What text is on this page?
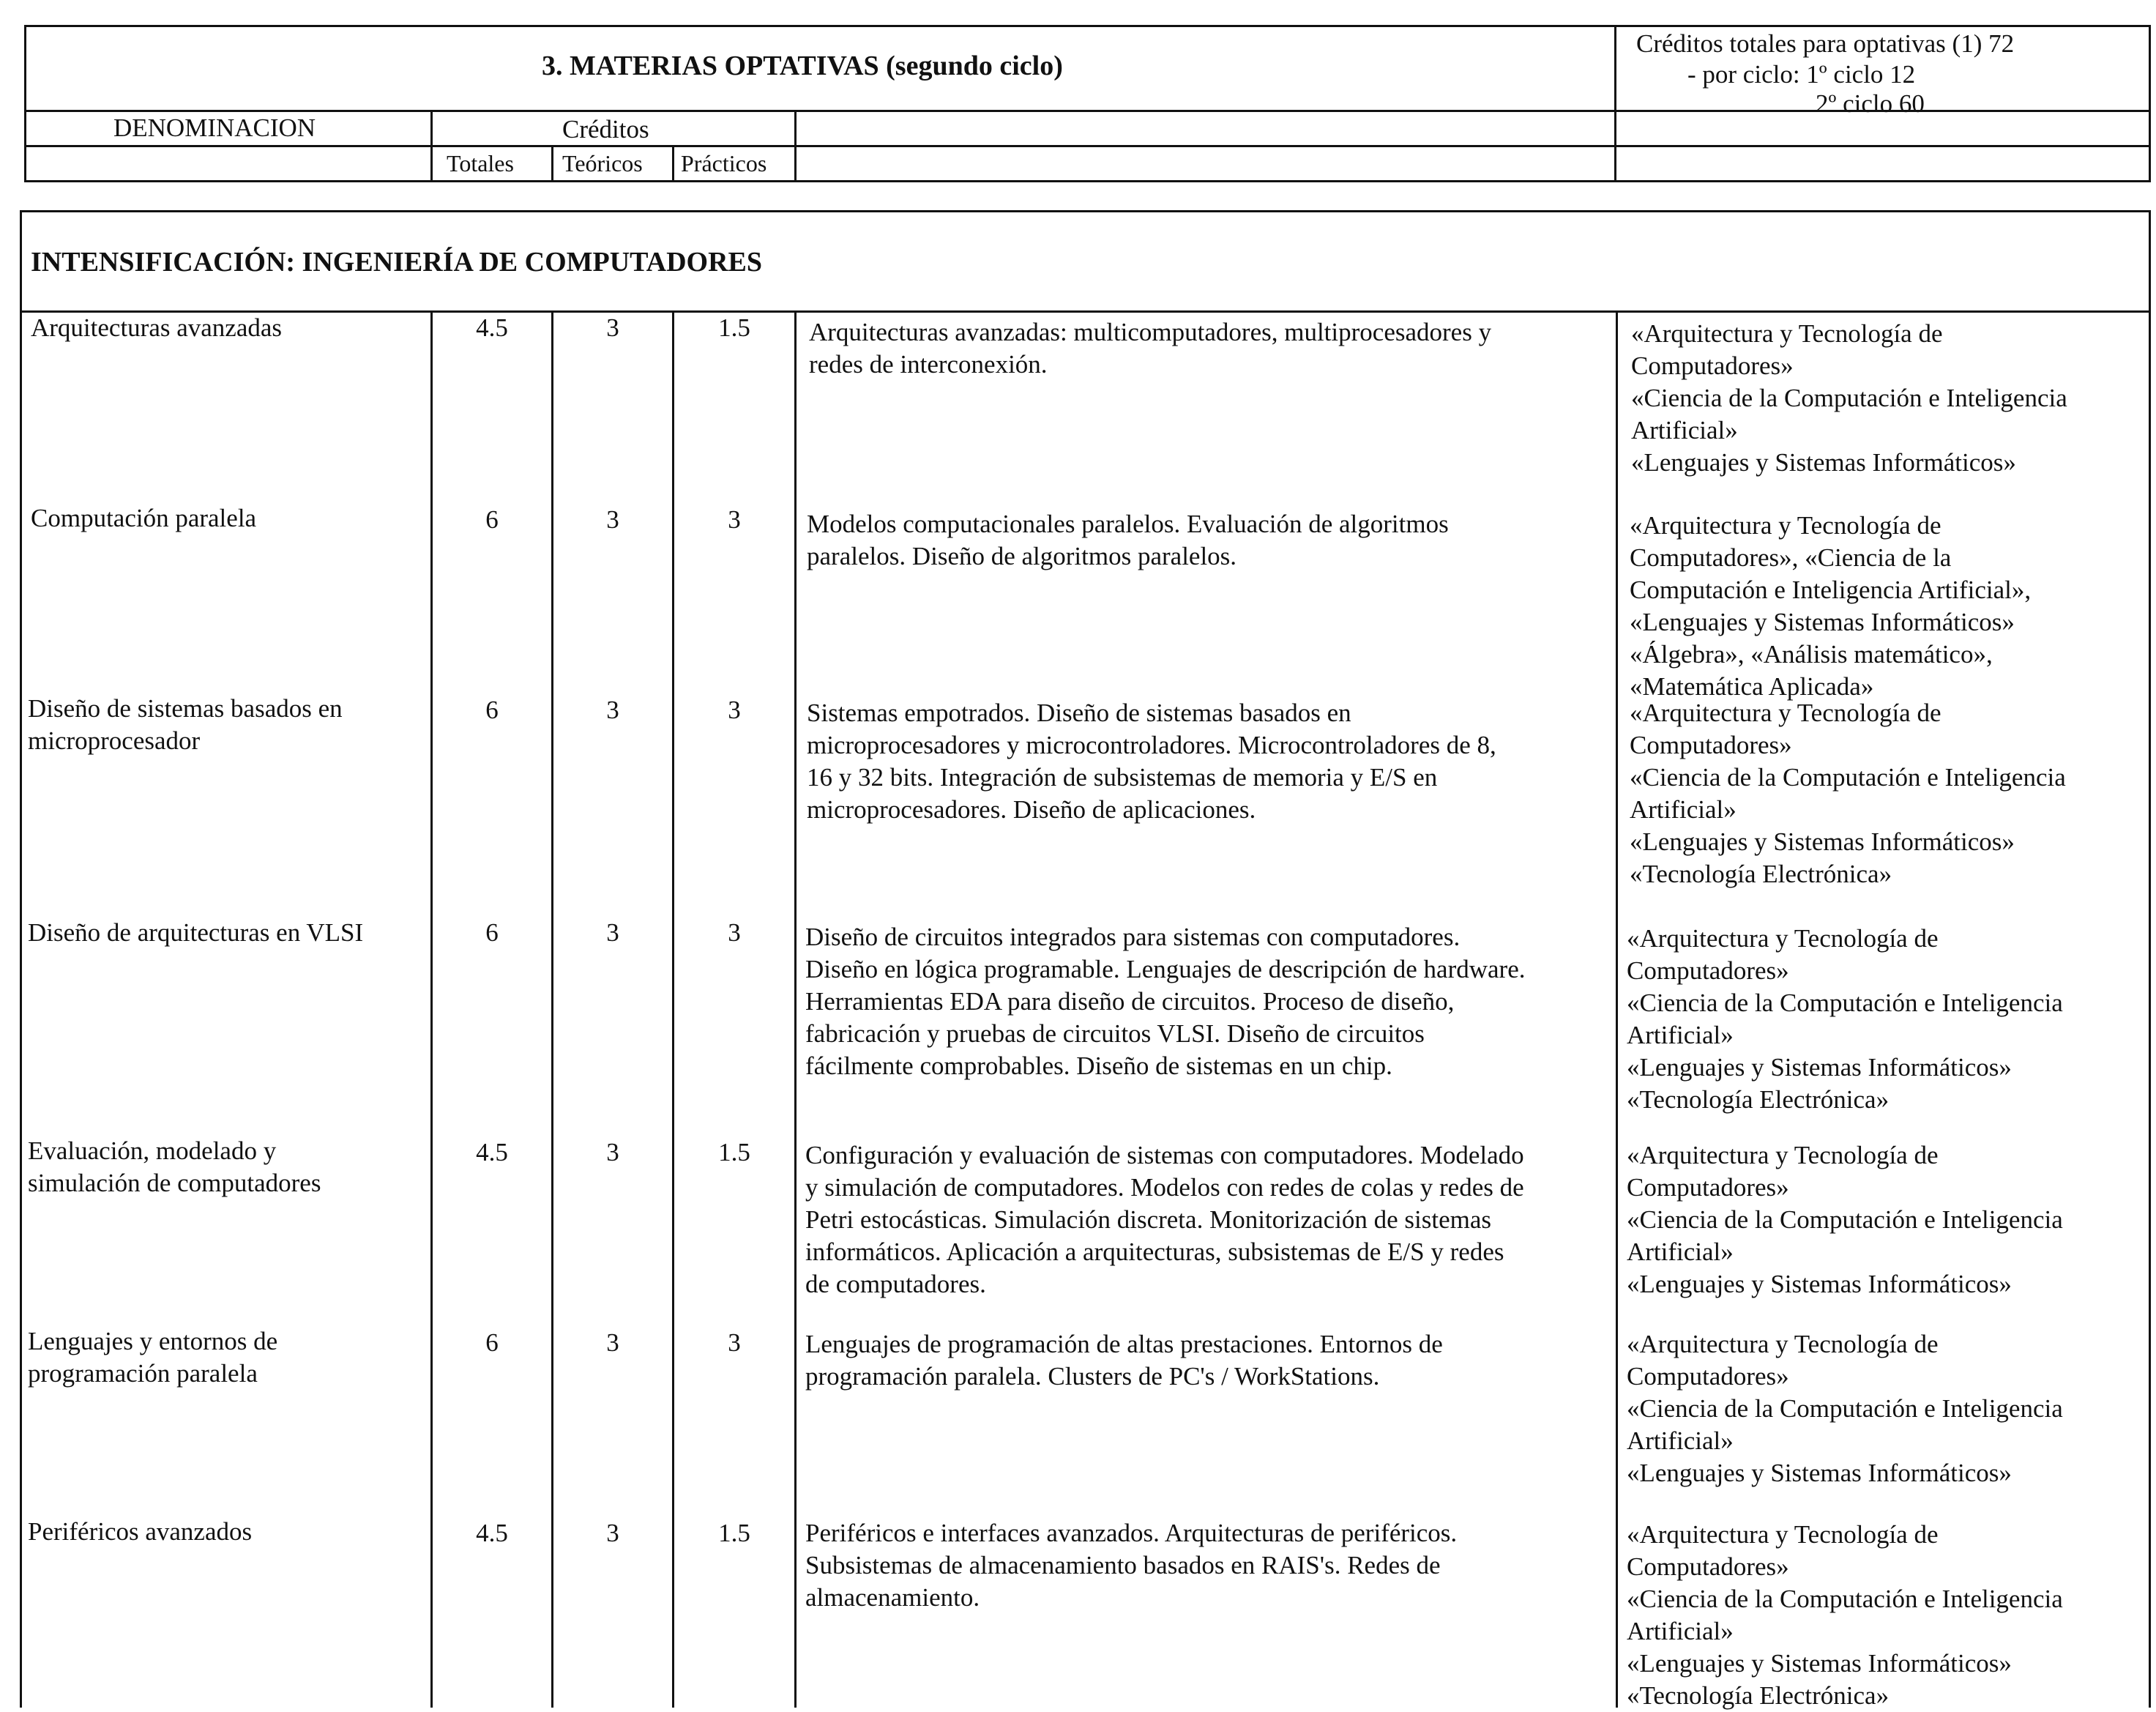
3. MATERIAS OPTATIVAS (segundo ciclo)
Créditos totales para optativas (1) 72
- por ciclo: 1º ciclo 12
2º ciclo 60
DENOMINACION	Créditos
Totales Teóricos Prácticos
INTENSIFICACIÓN: INGENIERÍA DE COMPUTADORES
Arquitecturas avanzadas	4.5	3	1.5	Arquitecturas avanzadas: multicomputadores, multiprocesadores y
redes de interconexión.
«Arquitectura y Tecnología de
Computadores»
«Ciencia de la Computación e Inteligencia
Artificial»
«Lenguajes y Sistemas Informáticos»
Computación paralela	6	3	3	Modelos computacionales paralelos. Evaluación de algoritmos
paralelos. Diseño de algoritmos paralelos.
«Arquitectura y Tecnología de
Computadores», «Ciencia de la
Computación e Inteligencia Artificial»,
«Lenguajes y Sistemas Informáticos»
«Álgebra», «Análisis matemático»,
«Matemática Aplicada»
Diseño de sistemas basados en
microprocesador
6	3	3	Sistemas empotrados. Diseño de sistemas basados en
microprocesadores y microcontroladores. Microcontroladores de 8,
16 y 32 bits. Integración de subsistemas de memoria y E/S en
microprocesadores. Diseño de aplicaciones.
«Arquitectura y Tecnología de
Computadores»
«Ciencia de la Computación e Inteligencia
Artificial»
«Lenguajes y Sistemas Informáticos»
«Tecnología Electrónica»
Diseño de arquitecturas en VLSI	6	3	3	Diseño de circuitos integrados para sistemas con computadores.
Diseño en lógica programable. Lenguajes de descripción de hardware.
Herramientas EDA para diseño de circuitos. Proceso de diseño,
fabricación y pruebas de circuitos VLSI. Diseño de circuitos
fácilmente comprobables. Diseño de sistemas en un chip.
«Arquitectura y Tecnología de
Computadores»
«Ciencia de la Computación e Inteligencia
Artificial»
«Lenguajes y Sistemas Informáticos»
«Tecnología Electrónica»
Evaluación, modelado y
simulación de computadores
4.5	3	1.5	Configuración y evaluación de sistemas con computadores. Modelado
y simulación de computadores. Modelos con redes de colas y redes de
Petri estocásticas. Simulación discreta. Monitorización de sistemas
informáticos. Aplicación a arquitecturas, subsistemas de E/S y redes
de computadores.
«Arquitectura y Tecnología de
Computadores»
«Ciencia de la Computación e Inteligencia
Artificial»
«Lenguajes y Sistemas Informáticos»
Lenguajes y entornos de
programación paralela
6	3	3	Lenguajes de programación de altas prestaciones. Entornos de
programación paralela. Clusters de PC's / WorkStations.
«Arquitectura y Tecnología de
Computadores»
«Ciencia de la Computación e Inteligencia
Artificial»
«Lenguajes y Sistemas Informáticos»
Periféricos avanzados	4.5	3	1.5	Periféricos e interfaces avanzados. Arquitecturas de periféricos.
Subsistemas de almacenamiento basados en RAIS's. Redes de
almacenamiento.
«Arquitectura y Tecnología de
Computadores»
«Ciencia de la Computación e Inteligencia
Artificial»
«Lenguajes y Sistemas Informáticos»
«Tecnología Electrónica»
